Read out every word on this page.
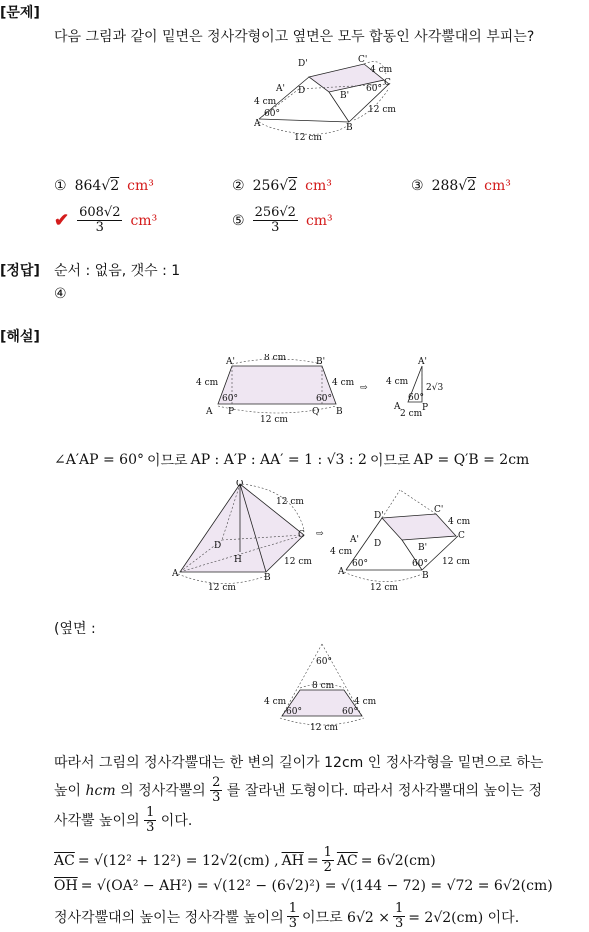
[문제]
다음 그림과 같이 밑면은 정사각형이고 옆면은 모두 합동인 사각뿔대의 부피는?
D'	C'
A' D	B'
C
A	B
4 cm
4 cm
12 cm
12 cm
60°
60°
① 864√2 cm³	② 256√2 cm³	③ 288√2 cm³
✔ $\frac{608√2}{3} cm^3$	⑤ $\frac{256√2}{3} cm^3$
[정답] 순서 : 없음, 갯수 : 1
④
[해설]
A'	B'
8 cm
4 cm	4 cm
60°	60°
A P	Q B
12 cm
⇨
A'
4 cm
2√3
A P
2 cm
60°
∠A′AP = 60° 이므로 AP : A′P : AA′ = 1 : √3 : 2 이므로 AP = Q′B = 2cm
O
D
H
C
A	B
12 cm
12 cm
12 cm
⇨
D'
C'
A' D	B'
C
A	B
4 cm
4 cm
12 cm
12 cm
60°	60°
(옆면 :
60°
8 cm
4 cm	4 cm
60°	60°
12 cm
따라서 그림의 정사각뿔대는 한 변의 길이가 12cm 인 정사각형을 밑면으로 하는
높이 hcm 의 정사각뿔의 $\frac{2}{3}$ 를 잘라낸 도형이다. 따라서 정사각뿔대의 높이는 정
사각뿔 높이의 $\frac{1}{3}$ 이다.
$\overline{AC} = √(12^2 + 12^2) = 12√2(cm)$ , $\overline{AH} = \frac{1}{2} \overline{AC} = 6√2(cm)$
$\overline{OH} = √(OA^2 - AH^2) = √(12^2 - (6√2)^2) = √(144 - 72) = √72 = 6√2(cm)$
정사각뿔대의 높이는 정사각뿔 높이의 $\frac{1}{3}$ 이므로 $6√2 \times \frac{1}{3} = 2√2(cm)$ 이다.
